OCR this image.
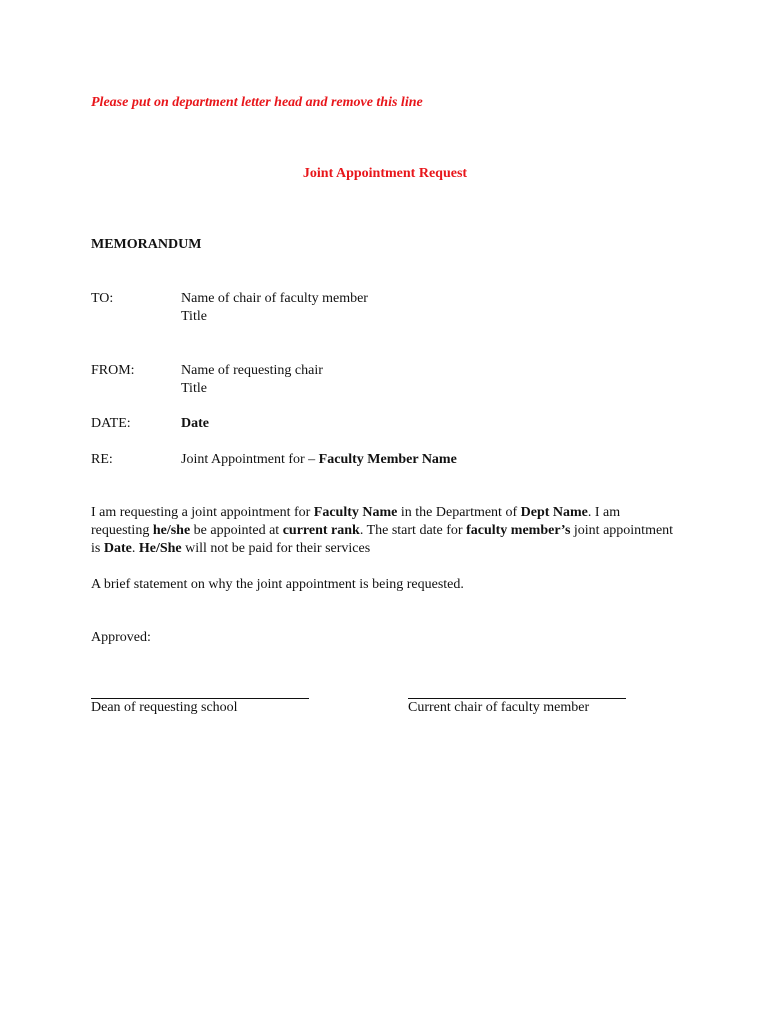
Please put on department letter head and remove this line
Joint Appointment Request
MEMORANDUM
TO:	Name of chair of faculty member
Title
FROM:	Name of requesting chair
Title
DATE:	Date
RE:	Joint Appointment for – Faculty Member Name
I am requesting a joint appointment for Faculty Name in the Department of Dept Name. I am requesting he/she be appointed at current rank. The start date for faculty member’s joint appointment is Date. He/She will not be paid for their services
A brief statement on why the joint appointment is being requested.
Approved:
Dean of requesting school	Current chair of faculty member
